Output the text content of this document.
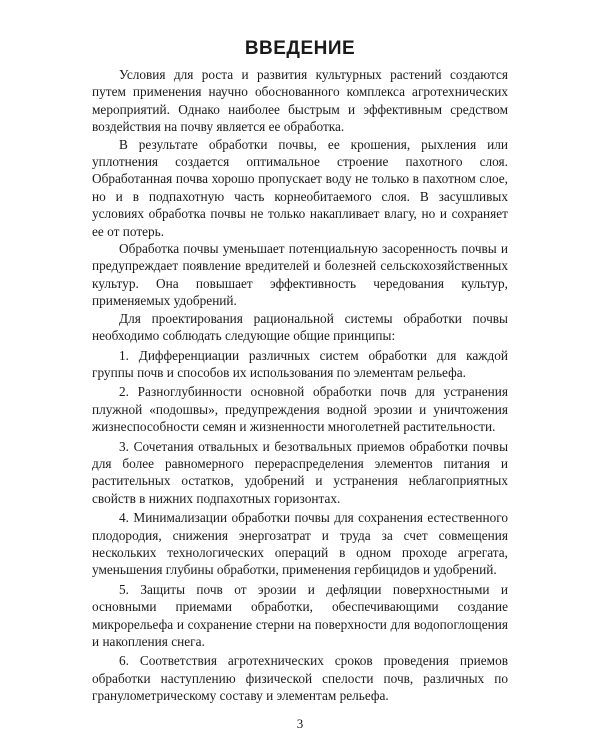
ВВЕДЕНИЕ

Условия для роста и развития культурных растений создаются путем применения научно обоснованного комплекса агротехнических мероприятий. Однако наиболее быстрым и эффективным средством воздействия на почву является ее обработка.

В результате обработки почвы, ее крошения, рыхления или уплотнения создается оптимальное строение пахотного слоя. Обработанная почва хорошо пропускает воду не только в пахотном слое, но и в подпахотную часть корнеобитаемого слоя. В засушливых условиях обработка почвы не только накапливает влагу, но и сохраняет ее от потерь.

Обработка почвы уменьшает потенциальную засоренность почвы и предупреждает появление вредителей и болезней сельскохозяйственных культур. Она повышает эффективность чередования культур, применяемых удобрений.

Для проектирования рациональной системы обработки почвы необходимо соблюдать следующие общие принципы:

1. Дифференциации различных систем обработки для каждой группы почв и способов их использования по элементам рельефа.

2. Разноглубинности основной обработки почв для устранения плужной «подошвы», предупреждения водной эрозии и уничтожения жизнеспособности семян и жизненности многолетней растительности.

3. Сочетания отвальных и безотвальных приемов обработки почвы для более равномерного перераспределения элементов питания и растительных остатков, удобрений и устранения неблагоприятных свойств в нижних подпахотных горизонтах.

4. Минимализации обработки почвы для сохранения естественного плодородия, снижения энергозатрат и труда за счет совмещения нескольких технологических операций в одном проходе агрегата, уменьшения глубины обработки, применения гербицидов и удобрений.

5. Защиты почв от эрозии и дефляции поверхностными и основными приемами обработки, обеспечивающими создание микрорельефа и сохранение стерни на поверхности для водопоглощения и накопления снега.

6. Соответствия агротехнических сроков проведения приемов обработки наступлению физической спелости почв, различных по гранулометрическому составу и элементам рельефа.

3
